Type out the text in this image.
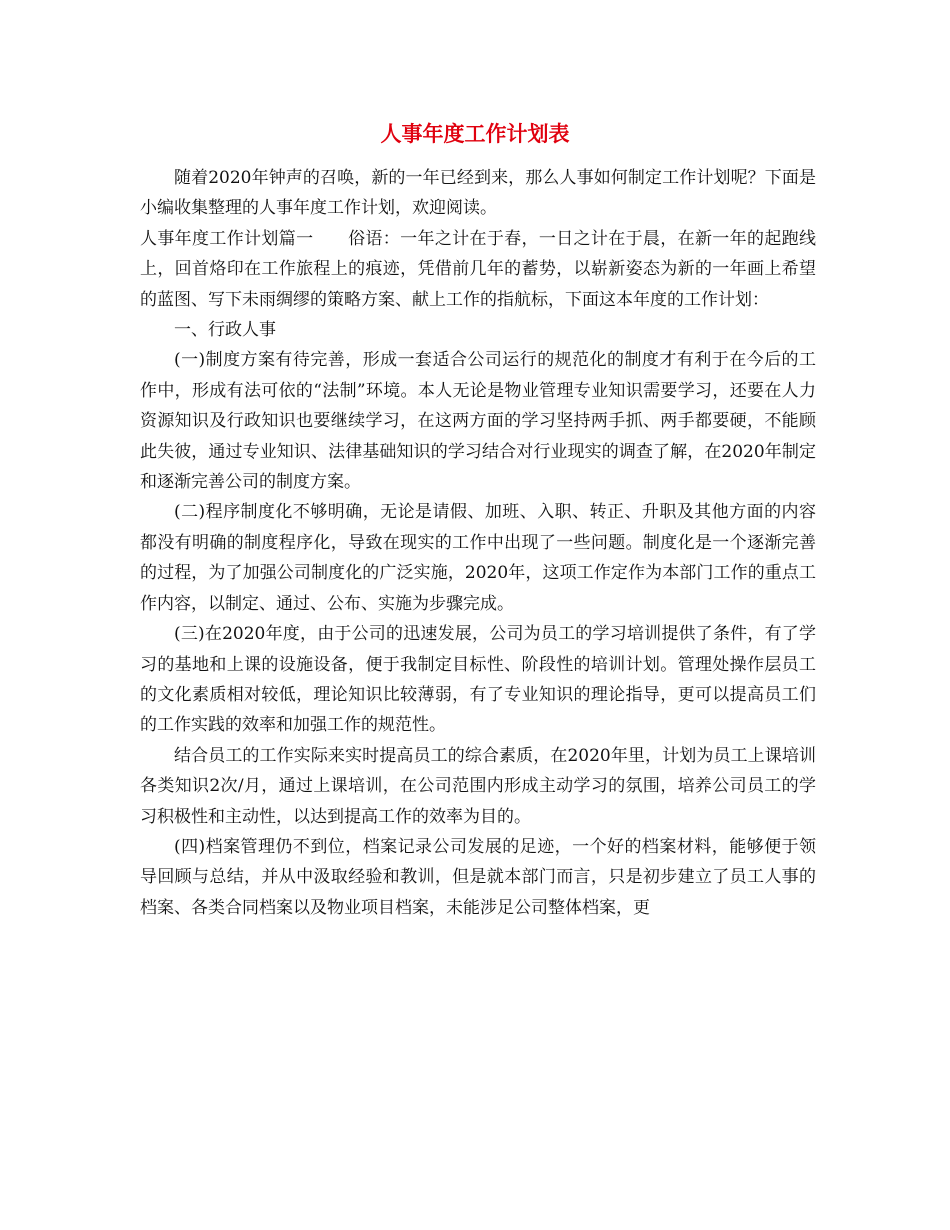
人事年度工作计划表

随着2020年钟声的召唤，新的一年已经到来，那么人事如何制定工作计划呢？下面是小编收集整理的人事年度工作计划，欢迎阅读。

人事年度工作计划篇一　　俗语：一年之计在于春，一日之计在于晨，在新一年的起跑线上，回首烙印在工作旅程上的痕迹，凭借前几年的蓄势，以崭新姿态为新的一年画上希望的蓝图、写下未雨绸缪的策略方案、献上工作的指航标，下面这本年度的工作计划：

一、行政人事

(一)制度方案有待完善，形成一套适合公司运行的规范化的制度才有利于在今后的工作中，形成有法可依的“法制”环境。本人无论是物业管理专业知识需要学习，还要在人力资源知识及行政知识也要继续学习，在这两方面的学习坚持两手抓、两手都要硬，不能顾此失彼，通过专业知识、法律基础知识的学习结合对行业现实的调查了解，在2020年制定和逐渐完善公司的制度方案。

(二)程序制度化不够明确，无论是请假、加班、入职、转正、升职及其他方面的内容都没有明确的制度程序化，导致在现实的工作中出现了一些问题。制度化是一个逐渐完善的过程，为了加强公司制度化的广泛实施，2020年，这项工作定作为本部门工作的重点工作内容，以制定、通过、公布、实施为步骤完成。

(三)在2020年度，由于公司的迅速发展，公司为员工的学习培训提供了条件，有了学习的基地和上课的设施设备，便于我制定目标性、阶段性的培训计划。管理处操作层员工的文化素质相对较低，理论知识比较薄弱，有了专业知识的理论指导，更可以提高员工们的工作实践的效率和加强工作的规范性。

结合员工的工作实际来实时提高员工的综合素质，在2020年里，计划为员工上课培训各类知识2次/月，通过上课培训，在公司范围内形成主动学习的氛围，培养公司员工的学习积极性和主动性，以达到提高工作的效率为目的。

(四)档案管理仍不到位，档案记录公司发展的足迹，一个好的档案材料，能够便于领导回顾与总结，并从中汲取经验和教训，但是就本部门而言，只是初步建立了员工人事的档案、各类合同档案以及物业项目档案，未能涉足公司整体档案，更
